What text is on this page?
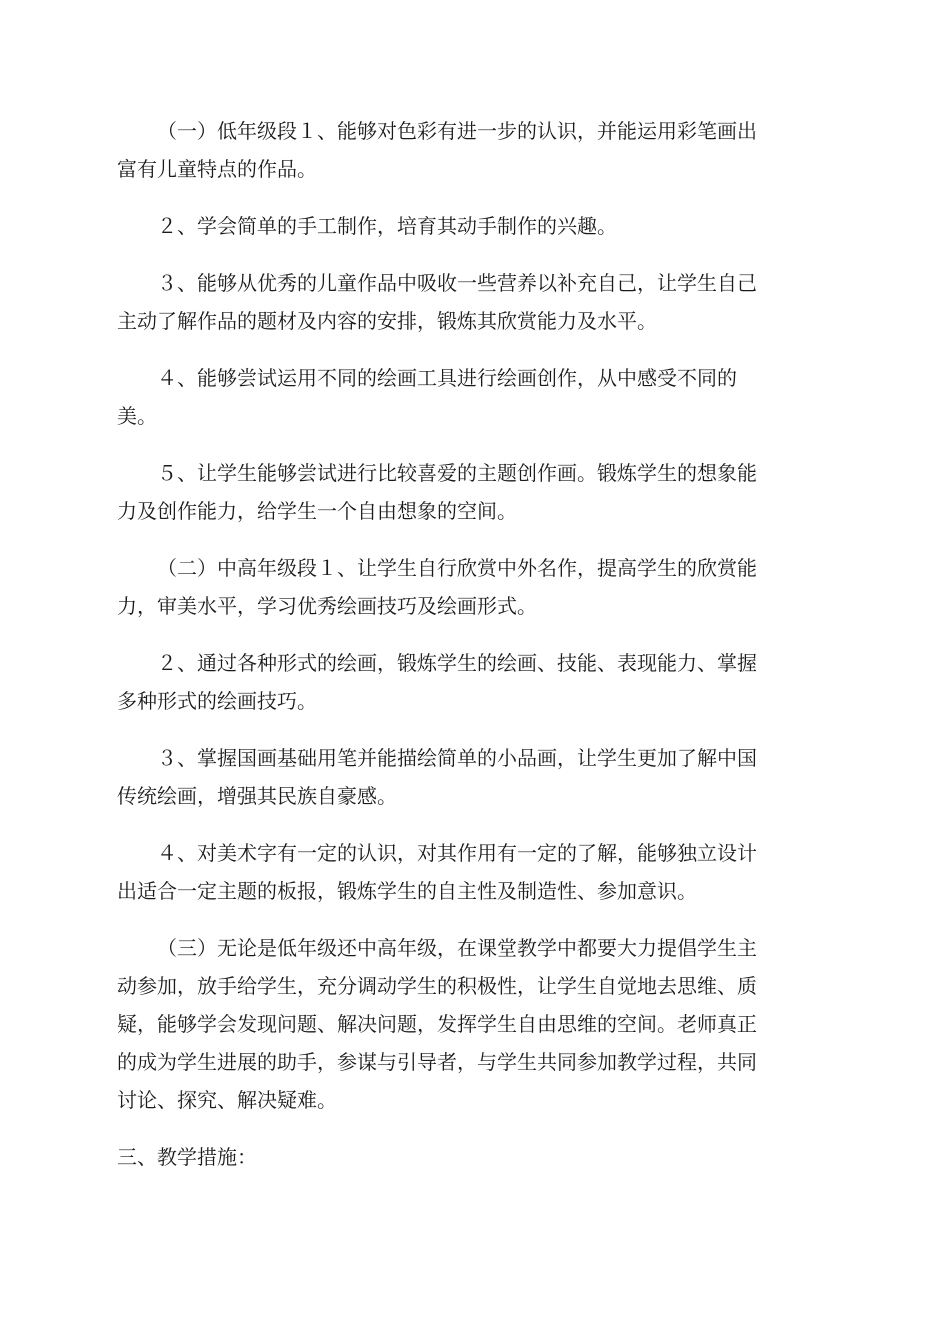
（一）低年级段１、能够对色彩有进一步的认识，并能运用彩笔画出
富有儿童特点的作品。

２、学会简单的手工制作，培育其动手制作的兴趣。

３、能够从优秀的儿童作品中吸收一些营养以补充自己，让学生自己
主动了解作品的题材及内容的安排，锻炼其欣赏能力及水平。

４、能够尝试运用不同的绘画工具进行绘画创作，从中感受不同的
美。

５、让学生能够尝试进行比较喜爱的主题创作画。锻炼学生的想象能
力及创作能力，给学生一个自由想象的空间。

（二）中高年级段１、让学生自行欣赏中外名作，提高学生的欣赏能
力，审美水平，学习优秀绘画技巧及绘画形式。

２、通过各种形式的绘画，锻炼学生的绘画、技能、表现能力、掌握
多种形式的绘画技巧。

３、掌握国画基础用笔并能描绘简单的小品画，让学生更加了解中国
传统绘画，增强其民族自豪感。

４、对美术字有一定的认识，对其作用有一定的了解，能够独立设计
出适合一定主题的板报，锻炼学生的自主性及制造性、参加意识。

（三）无论是低年级还中高年级，在课堂教学中都要大力提倡学生主
动参加，放手给学生，充分调动学生的积极性，让学生自觉地去思维、质
疑，能够学会发现问题、解决问题，发挥学生自由思维的空间。老师真正
的成为学生进展的助手，参谋与引导者，与学生共同参加教学过程，共同
讨论、探究、解决疑难。

三、教学措施：
